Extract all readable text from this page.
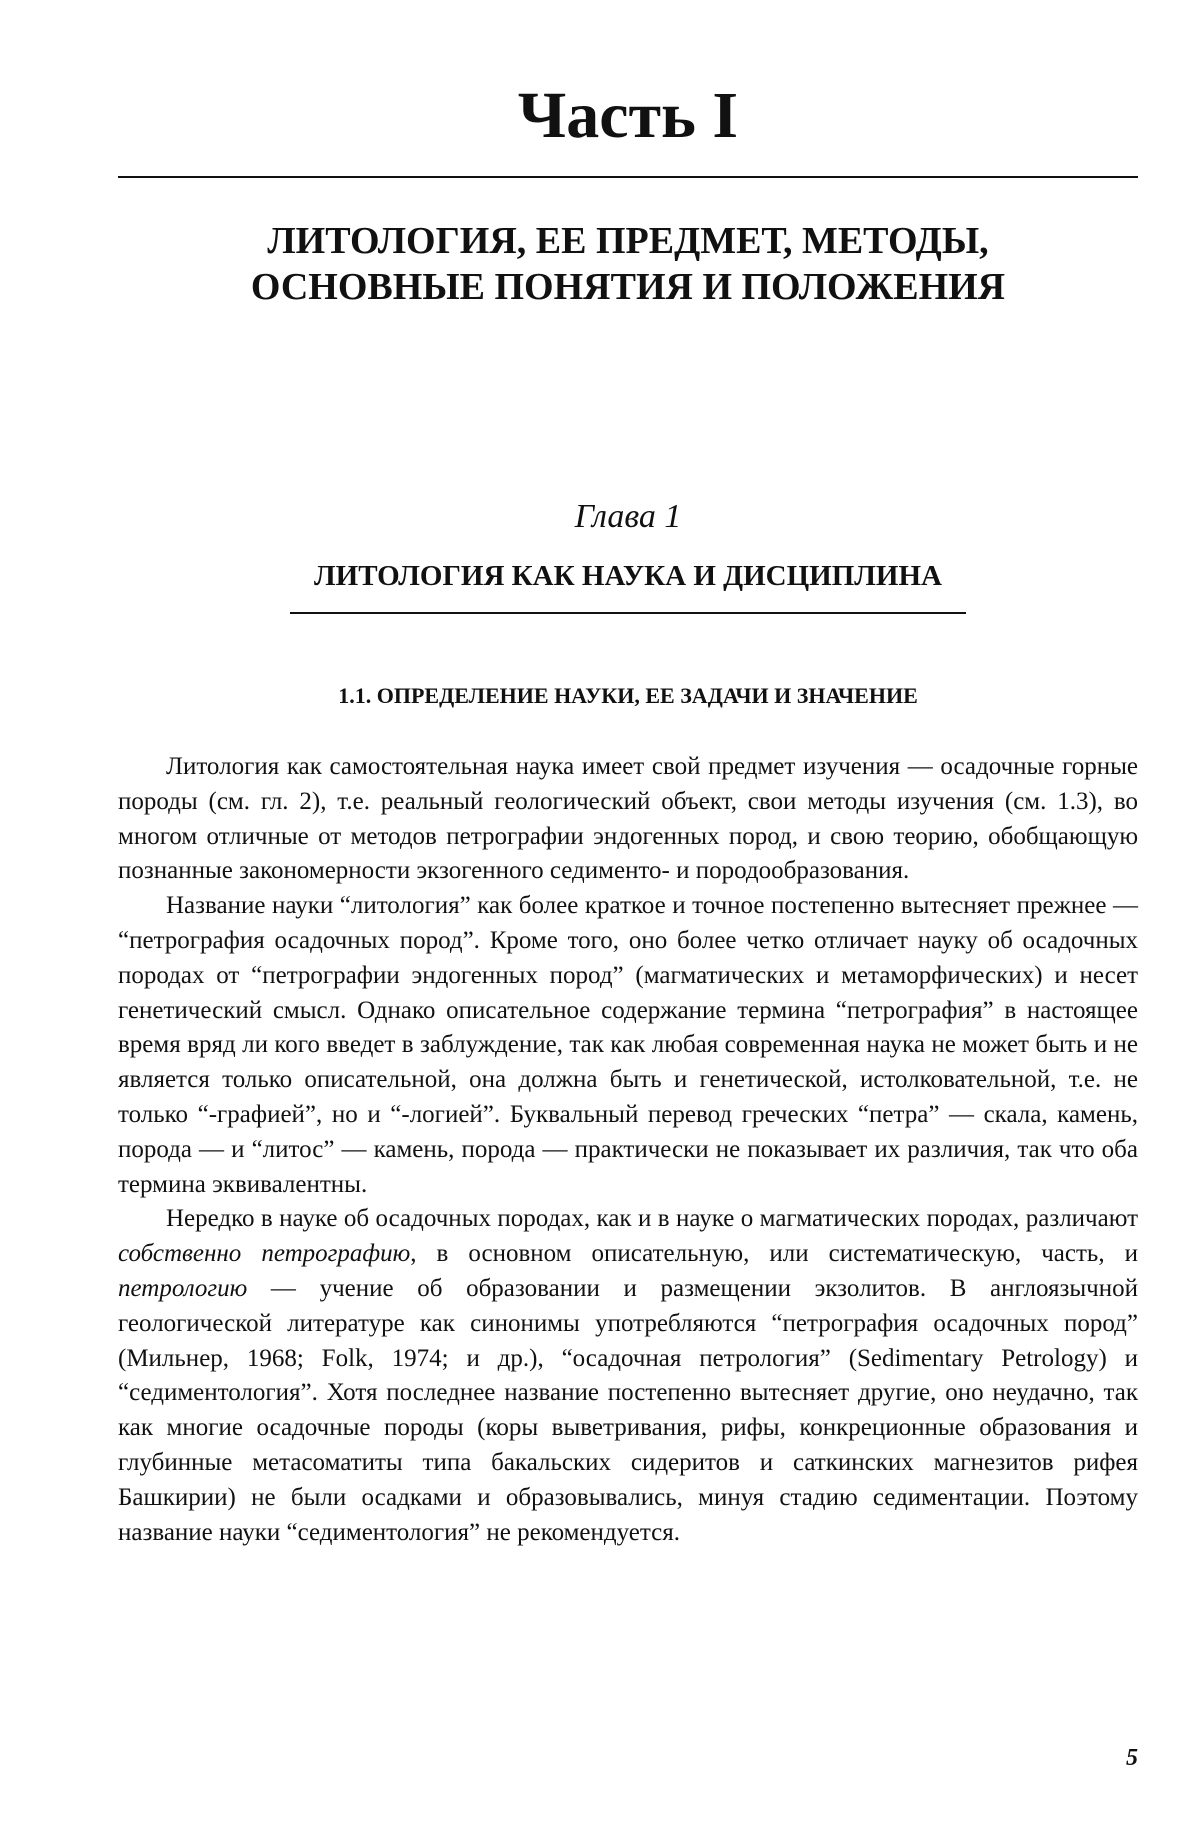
Часть I
ЛИТОЛОГИЯ, ЕЕ ПРЕДМЕТ, МЕТОДЫ,
ОСНОВНЫЕ ПОНЯТИЯ И ПОЛОЖЕНИЯ
Глава 1
ЛИТОЛОГИЯ КАК НАУКА И ДИСЦИПЛИНА
1.1. ОПРЕДЕЛЕНИЕ НАУКИ, ЕЕ ЗАДАЧИ И ЗНАЧЕНИЕ

Литология как самостоятельная наука имеет свой предмет изучения — осадочные горные породы (см. гл. 2), т.е. реальный геологический объект, свои методы изучения (см. 1.3), во многом отличные от методов петрографии эндогенных пород, и свою теорию, обобщающую познанные закономерности экзогенного седименто- и породообразования.

Название науки “литология” как более краткое и точное постепенно вытесняет прежнее — “петрография осадочных пород”. Кроме того, оно более четко отличает науку об осадочных породах от “петрографии эндогенных пород” (магматических и метаморфических) и несет генетический смысл. Однако описательное содержание термина “петрография” в настоящее время вряд ли кого введет в заблуждение, так как любая современная наука не может быть и не является только описательной, она должна быть и генетической, истолковательной, т.е. не только “-графией”, но и “-логией”. Буквальный перевод греческих “петра” — скала, камень, порода — и “литос” — камень, порода — практически не показывает их различия, так что оба термина эквивалентны.

Нередко в науке об осадочных породах, как и в науке о магматических породах, различают собственно петрографию, в основном описательную, или систематическую, часть, и петрологию — учение об образовании и размещении экзолитов. В англоязычной геологической литературе как синонимы употребляются “петрография осадочных пород” (Мильнер, 1968; Folk, 1974; и др.), “осадочная петрология” (Sedimentary Petrology) и “седиментология”. Хотя последнее название постепенно вытесняет другие, оно неудачно, так как многие осадочные породы (коры выветривания, рифы, конкреционные образования и глубинные метасоматиты типа бакальских сидеритов и саткинских магнезитов рифея Башкирии) не были осадками и образовывались, минуя стадию седиментации. Поэтому название науки “седиментология” не рекомендуется.

5
